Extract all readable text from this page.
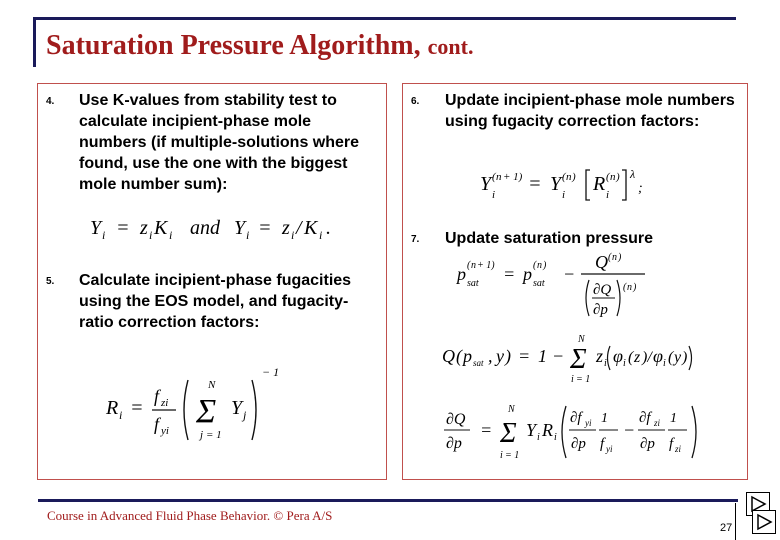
Saturation Pressure Algorithm, cont.
4. Use K-values from stability test to calculate incipient-phase mole numbers (if multiple-solutions where found, use the one with the biggest mole number sum):
Y i = z i K i and Y i = z i / K i .
5. Calculate incipient-phase fugacities using the EOS model, and fugacity-ratio correction factors:
R i =
f zi
f yi
N
Σ
j = 1
Y j
− 1
6. Update incipient-phase mole numbers using fugacity correction factors:
Y ( n + 1)
i = Y ( n )
i R ( n )
i
λ
;
7. Update saturation pressure
p ( n + 1)
sat = p ( n )
sat −
Q ( n )
∂Q
∂p
( n )
Q ( p sat , y ) = 1 −
N
Σ
i = 1
z i φ i ( z )/ φ i ( y )
∂Q
∂p
=
N
Σ
i = 1
Y i R i
∂f yi
∂p
1
f yi
−
∂f zi
∂p
1
f zi
Course in Advanced Fluid Phase Behavior. © Pera A/S
27
